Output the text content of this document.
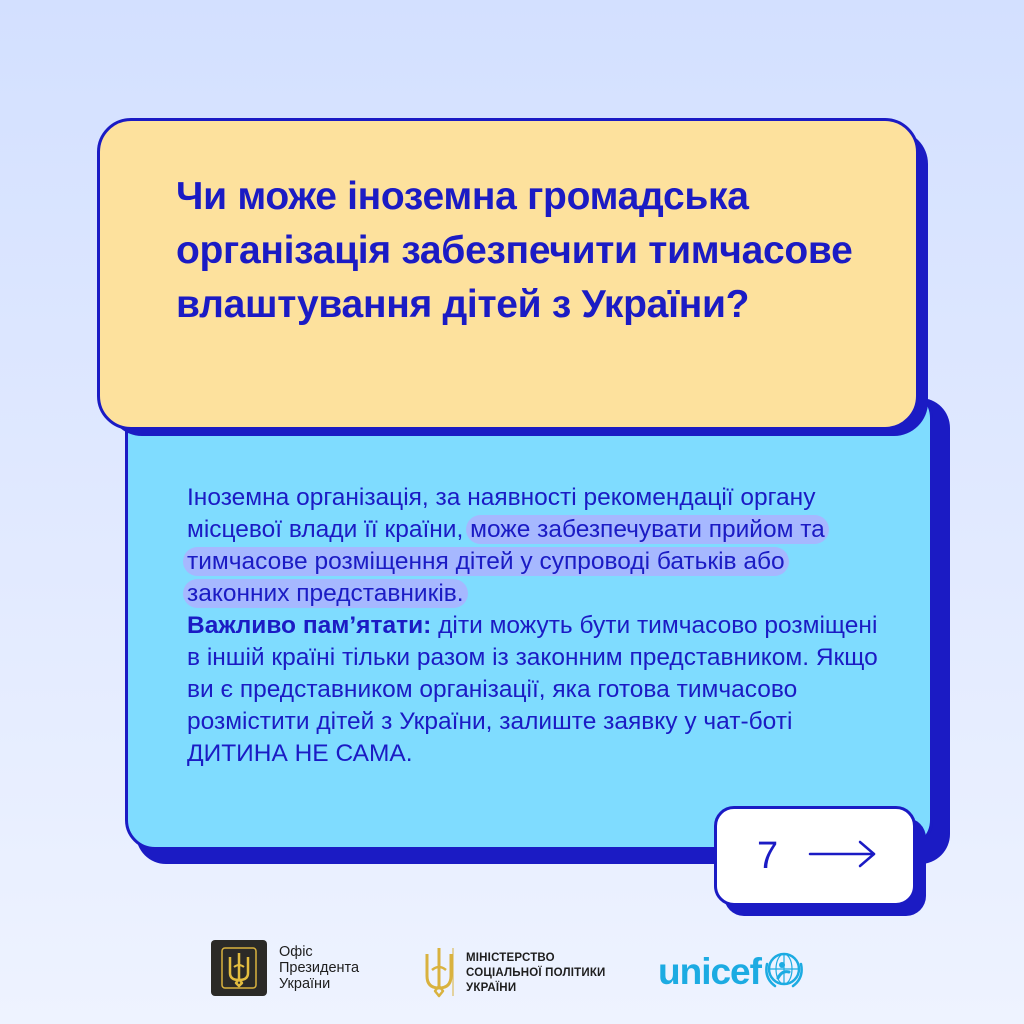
Чи може іноземна громадська організація забезпечити тимчасове влаштування дітей з України?
Іноземна організація, за наявності рекомендації органу місцевої влади її країни, може забезпечувати прийом та тимчасове розміщення дітей у супроводі батьків або законних представників.
Важливо пам’ятати: діти можуть бути тимчасово розміщені в іншій країні тільки разом із законним представником. Якщо ви є представником організації, яка готова тимчасово розмістити дітей з України, залиште заявку у чат-боті ДИТИНА НЕ САМА.
7
Офіс
Президента
України
МІНІСТЕРСТВО
СОЦІАЛЬНОЇ ПОЛІТИКИ
УКРАЇНИ	unicef
